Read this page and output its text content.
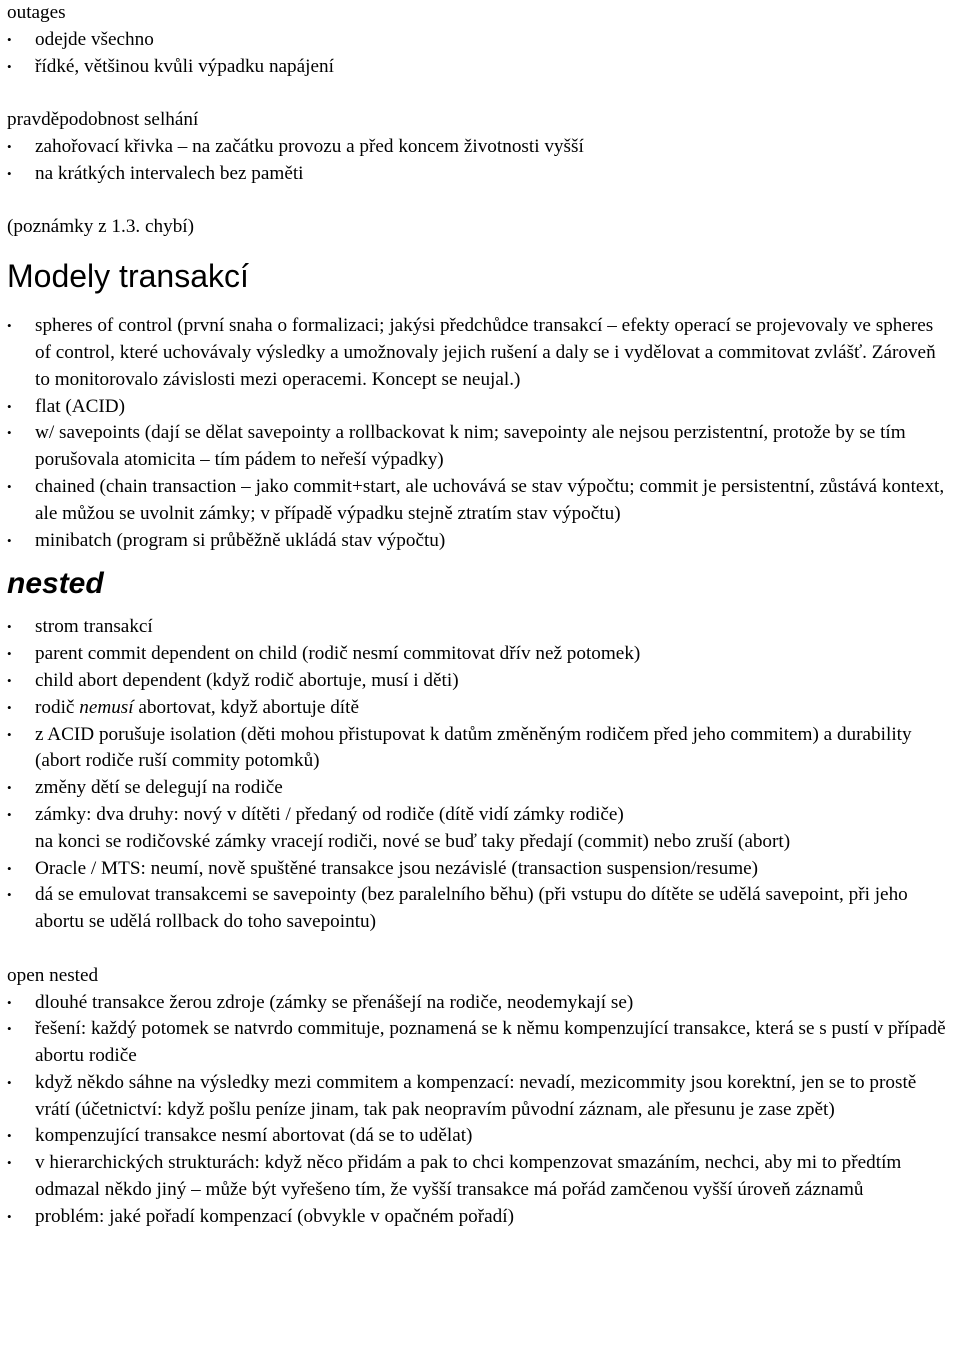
outages

• odejde všechno
• řídké, většinou kvůli výpadku napájení

pravděpodobnost selhání

• zahořovací křivka – na začátku provozu a před koncem životnosti vyšší
• na krátkých intervalech bez paměti

(poznámky z 1.3. chybí)

Modely transakcí
• spheres of control (první snaha o formalizaci; jakýsi předchůdce transakcí – efekty operací se projevovaly ve spheres of control, které uchovávaly výsledky a umožnovaly jejich rušení a daly se i vydělovat a commitovat zvlášť. Zároveň to monitorovalo závislosti mezi operacemi. Koncept se neujal.)
• flat (ACID)
• w/ savepoints (dají se dělat savepointy a rollbackovat k nim; savepointy ale nejsou perzistentní, protože by se tím porušovala atomicita – tím pádem to neřeší výpadky)
• chained (chain transaction – jako commit+start, ale uchovává se stav výpočtu; commit je persistentní, zůstává kontext, ale můžou se uvolnit zámky; v případě výpadku stejně ztratím stav výpočtu)
• minibatch (program si průběžně ukládá stav výpočtu)
nested
• strom transakcí
• parent commit dependent on child (rodič nesmí commitovat dřív než potomek)
• child abort dependent (když rodič abortuje, musí i děti)
• rodič nemusí abortovat, když abortuje dítě
• z ACID porušuje isolation (děti mohou přistupovat k datům změněným rodičem před jeho commitem) a durability (abort rodiče ruší commity potomků)
• změny dětí se delegují na rodiče
• zámky: dva druhy: nový v dítěti / předaný od rodiče (dítě vidí zámky rodiče)
na konci se rodičovské zámky vracejí rodiči, nové se buď taky předají (commit) nebo zruší (abort)
• Oracle / MTS: neumí, nově spuštěné transakce jsou nezávislé (transaction suspension/resume)
• dá se emulovat transakcemi se savepointy (bez paralelního běhu) (při vstupu do dítěte se udělá savepoint, při jeho abortu se udělá rollback do toho savepointu)

open nested

• dlouhé transakce žerou zdroje (zámky se přenášejí na rodiče, neodemykají se)
• řešení: každý potomek se natvrdo commituje, poznamená se k němu kompenzující transakce, která se s pustí v případě abortu rodiče
• když někdo sáhne na výsledky mezi commitem a kompenzací: nevadí, mezicommity jsou korektní, jen se to prostě vrátí (účetnictví: když pošlu peníze jinam, tak pak neopravím původní záznam, ale přesunu je zase zpět)
• kompenzující transakce nesmí abortovat (dá se to udělat)
• v hierarchických strukturách: když něco přidám a pak to chci kompenzovat smazáním, nechci, aby mi to předtím odmazal někdo jiný – může být vyřešeno tím, že vyšší transakce má pořád zamčenou vyšší úroveň záznamů
• problém: jaké pořadí kompenzací (obvykle v opačném pořadí)
